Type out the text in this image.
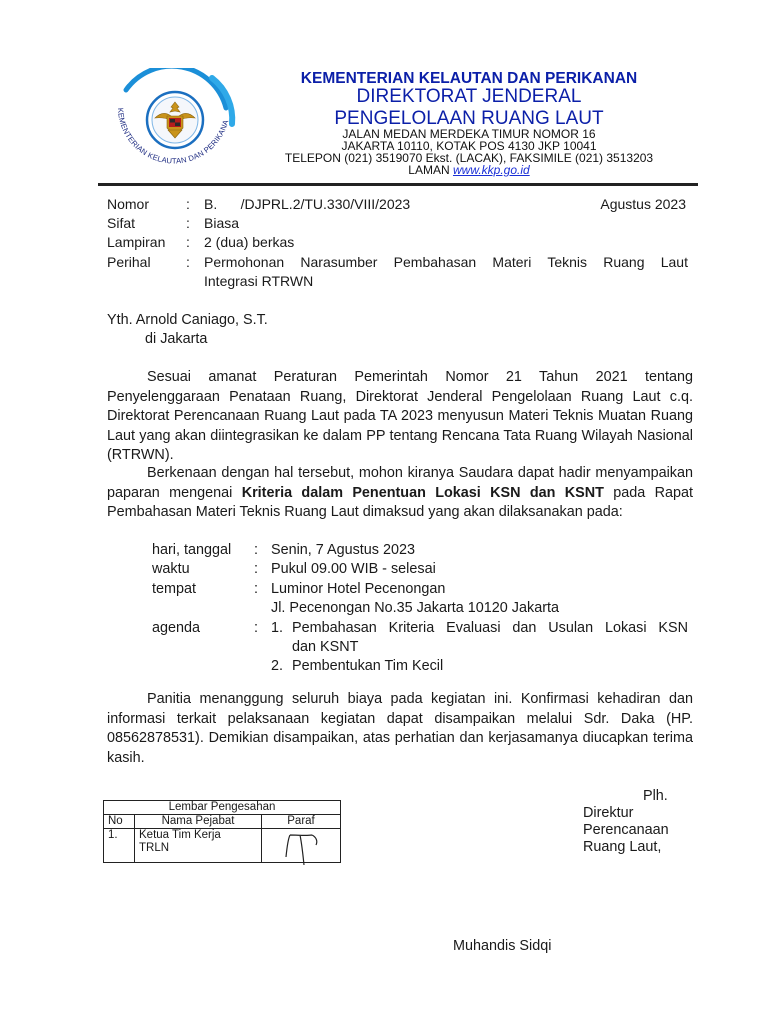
KEMENTERIAN KELAUTAN DAN PERIKANA
KEMENTERIAN KELAUTAN DAN PERIKANAN
DIREKTORAT JENDERAL
PENGELOLAAN RUANG LAUT
JALAN MEDAN MERDEKA TIMUR NOMOR 16
JAKARTA 10110, KOTAK POS 4130 JKP 10041
TELEPON (021) 3519070 Ekst. (LACAK), FAKSIMILE (021) 3513203
LAMAN www.kkp.go.id
Nomor	: B.      /DJPRL.2/TU.330/VIII/2023	Agustus 2023
Sifat	: Biasa
Lampiran : 2 (dua) berkas
Perihal	: Permohonan Narasumber Pembahasan Materi Teknis Ruang Laut
Integrasi RTRWN
Yth. Arnold Caniago, S.T.
di Jakarta
Sesuai amanat Peraturan Pemerintah Nomor 21 Tahun 2021 tentang Penyelenggaraan Penataan Ruang, Direktorat Jenderal Pengelolaan Ruang Laut c.q. Direktorat Perencanaan Ruang Laut pada TA 2023 menyusun Materi Teknis Muatan Ruang Laut yang akan diintegrasikan ke dalam PP tentang Rencana Tata Ruang Wilayah Nasional (RTRWN).
Berkenaan dengan hal tersebut, mohon kiranya Saudara dapat hadir menyampaikan paparan mengenai Kriteria dalam Penentuan Lokasi KSN dan KSNT pada Rapat Pembahasan Materi Teknis Ruang Laut dimaksud yang akan dilaksanakan pada:
hari, tanggal : Senin, 7 Agustus 2023
waktu	: Pukul 09.00 WIB - selesai
tempat	: Luminor Hotel Pecenongan
Jl. Pecenongan No.35 Jakarta 10120 Jakarta
agenda	: 1. Pembahasan Kriteria Evaluasi dan Usulan Lokasi KSN
dan KSNT
2. Pembentukan Tim Kecil
Panitia menanggung seluruh biaya pada kegiatan ini. Konfirmasi kehadiran dan informasi terkait pelaksanaan kegiatan dapat disampaikan melalui Sdr. Daka (HP. 08562878531). Demikian disampaikan, atas perhatian dan kerjasamanya diucapkan terima kasih.
Lembar Pengesahan		
No	Nama Pejabat	Paraf
1.	Ketua Tim Kerja
TRLN

Plh.
Direktur
Perencanaan
Ruang Laut,
Muhandis Sidqi
